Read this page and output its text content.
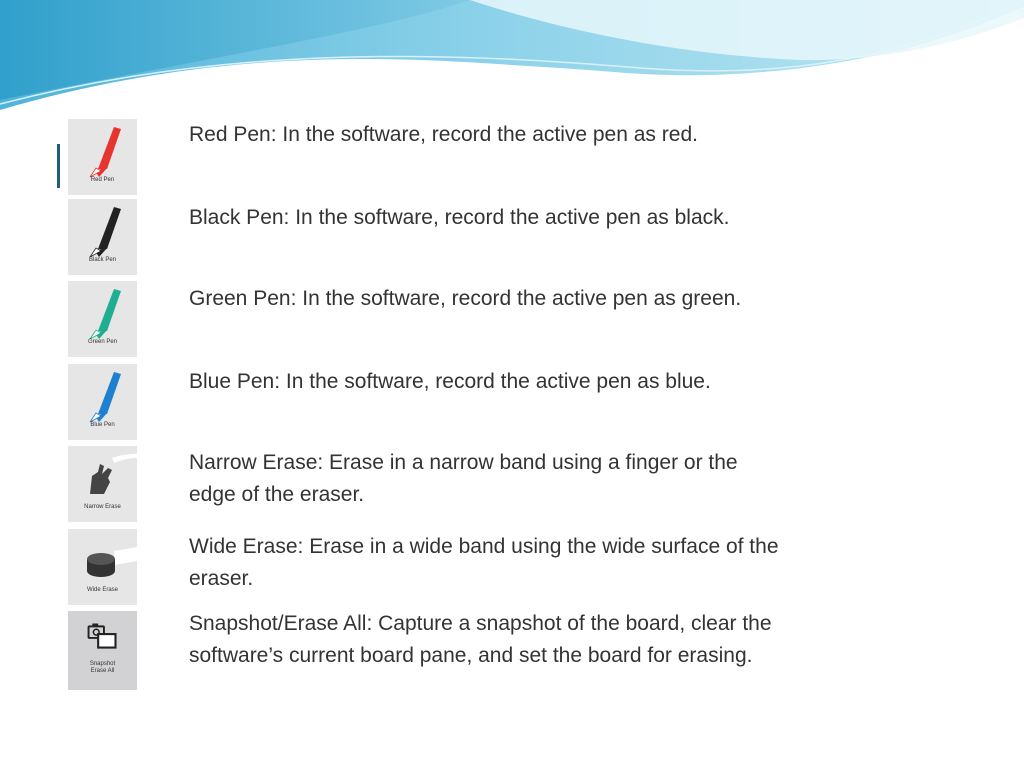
Red Pen
Red Pen: In the software, record the active pen as red.
Black Pen
Black Pen: In the software, record the active pen as black.
Green Pen
Green Pen: In the software, record the active pen as green.
Blue Pen
Blue Pen: In the software, record the active pen as blue.
Narrow Erase
Narrow Erase: Erase in a narrow band using a finger or the
edge of the eraser.
Wide Erase
Wide Erase: Erase in a wide band using the wide surface of the
eraser.
Snapshot
Erase All
Snapshot/Erase All: Capture a snapshot of the board, clear the
software’s current board pane, and set the board for erasing.
